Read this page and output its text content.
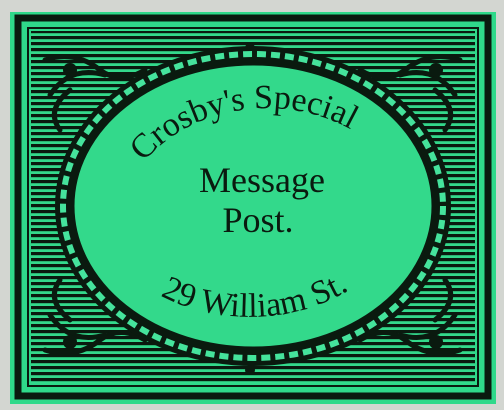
Crosby's Special
29 William St.
Message
Post.
